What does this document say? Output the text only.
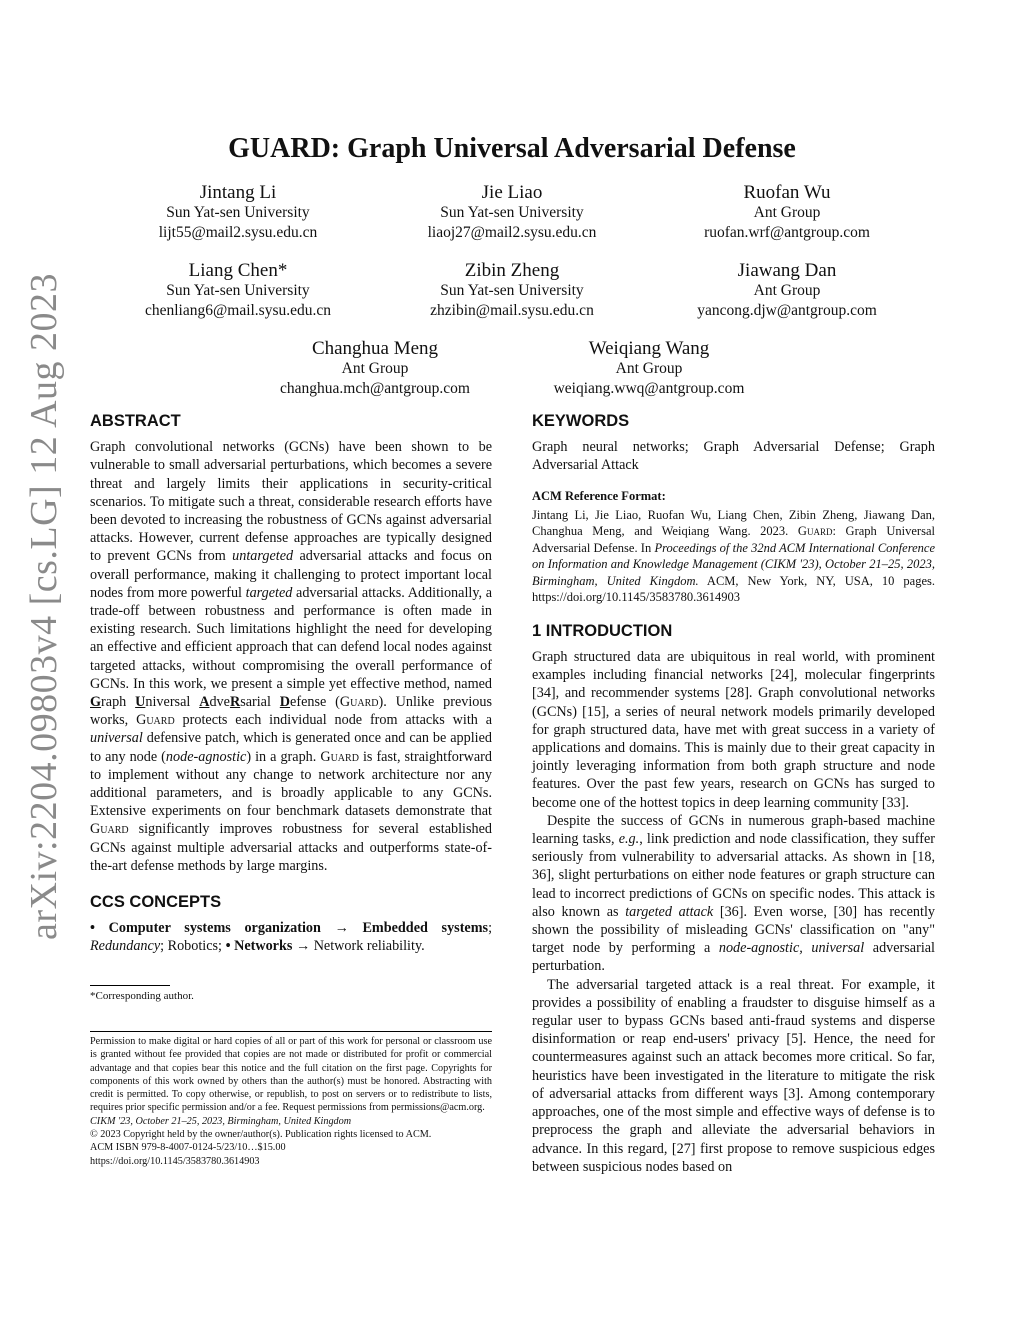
arXiv:2204.09803v4 [cs.LG] 12 Aug 2023
GUARD: Graph Universal Adversarial Defense
Jintang Li
Sun Yat-sen University
lijt55@mail2.sysu.edu.cn
Jie Liao
Sun Yat-sen University
liaoj27@mail2.sysu.edu.cn
Ruofan Wu
Ant Group
ruofan.wrf@antgroup.com
Liang Chen*
Sun Yat-sen University
chenliang6@mail.sysu.edu.cn
Zibin Zheng
Sun Yat-sen University
zhzibin@mail.sysu.edu.cn
Jiawang Dan
Ant Group
yancong.djw@antgroup.com
Changhua Meng
Ant Group
changhua.mch@antgroup.com
Weiqiang Wang
Ant Group
weiqiang.wwq@antgroup.com
ABSTRACT

Graph convolutional networks (GCNs) have been shown to be vulnerable to small adversarial perturbations, which becomes a severe threat and largely limits their applications in security-critical scenarios. To mitigate such a threat, considerable research efforts have been devoted to increasing the robustness of GCNs against adversarial attacks. However, current defense approaches are typically designed to prevent GCNs from untargeted adversarial attacks and focus on overall performance, making it challenging to protect important local nodes from more powerful targeted adversarial attacks. Additionally, a trade-off between robustness and performance is often made in existing research. Such limitations highlight the need for developing an effective and efficient approach that can defend local nodes against targeted attacks, without compromising the overall performance of GCNs. In this work, we present a simple yet effective method, named Graph Universal AdveRsarial Defense (Guard). Unlike previous works, Guard protects each individual node from attacks with a universal defensive patch, which is generated once and can be applied to any node (node-agnostic) in a graph. Guard is fast, straightforward to implement without any change to network architecture nor any additional parameters, and is broadly applicable to any GCNs. Extensive experiments on four benchmark datasets demonstrate that Guard significantly improves robustness for several established GCNs against multiple adversarial attacks and outperforms state-of-the-art defense methods by large margins.

CCS CONCEPTS

• Computer systems organization → Embedded systems; Redundancy; Robotics; • Networks → Network reliability.

*Corresponding author.

Permission to make digital or hard copies of all or part of this work for personal or classroom use is granted without fee provided that copies are not made or distributed for profit or commercial advantage and that copies bear this notice and the full citation on the first page. Copyrights for components of this work owned by others than the author(s) must be honored. Abstracting with credit is permitted. To copy otherwise, or republish, to post on servers or to redistribute to lists, requires prior specific permission and/or a fee. Request permissions from permissions@acm.org.

CIKM '23, October 21–25, 2023, Birmingham, United Kingdom

© 2023 Copyright held by the owner/author(s). Publication rights licensed to ACM.

ACM ISBN 979-8-4007-0124-5/23/10…$15.00

https://doi.org/10.1145/3583780.3614903

KEYWORDS

Graph neural networks; Graph Adversarial Defense; Graph Adversarial Attack

ACM Reference Format:

Jintang Li, Jie Liao, Ruofan Wu, Liang Chen, Zibin Zheng, Jiawang Dan, Changhua Meng, and Weiqiang Wang. 2023. Guard: Graph Universal Adversarial Defense. In Proceedings of the 32nd ACM International Conference on Information and Knowledge Management (CIKM '23), October 21–25, 2023, Birmingham, United Kingdom. ACM, New York, NY, USA, 10 pages. https://doi.org/10.1145/3583780.3614903

1 INTRODUCTION

Graph structured data are ubiquitous in real world, with prominent examples including financial networks [24], molecular fingerprints [34], and recommender systems [28]. Graph convolutional networks (GCNs) [15], a series of neural network models primarily developed for graph structured data, have met with great success in a variety of applications and domains. This is mainly due to their great capacity in jointly leveraging information from both graph structure and node features. Over the past few years, research on GCNs has surged to become one of the hottest topics in deep learning community [33].

Despite the success of GCNs in numerous graph-based machine learning tasks, e.g., link prediction and node classification, they suffer seriously from vulnerability to adversarial attacks. As shown in [18, 36], slight perturbations on either node features or graph structure can lead to incorrect predictions of GCNs on specific nodes. This attack is also known as targeted attack [36]. Even worse, [30] has recently shown the possibility of misleading GCNs' classification on "any" target node by performing a node-agnostic, universal adversarial perturbation.

The adversarial targeted attack is a real threat. For example, it provides a possibility of enabling a fraudster to disguise himself as a regular user to bypass GCNs based anti-fraud systems and disperse disinformation or reap end-users' privacy [5]. Hence, the need for countermeasures against such an attack becomes more critical. So far, heuristics have been investigated in the literature to mitigate the risk of adversarial attacks from different ways [3]. Among contemporary approaches, one of the most simple and effective ways of defense is to preprocess the graph and alleviate the adversarial behaviors in advance. In this regard, [27] first propose to remove suspicious edges between suspicious nodes based on
